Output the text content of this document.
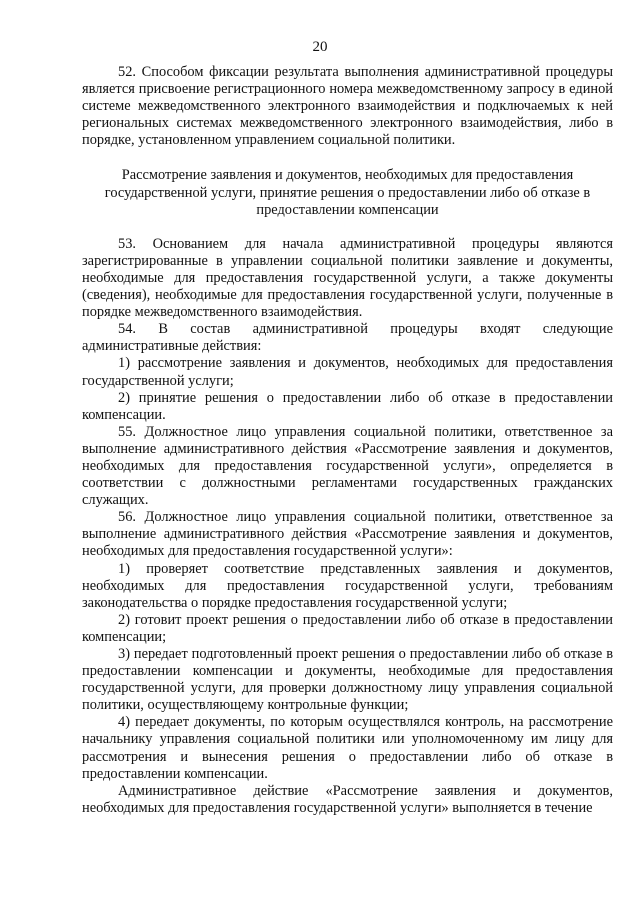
20

52. Способом фиксации результата выполнения административной процедуры является присвоение регистрационного номера межведомственному запросу в единой системе межведомственного электронного взаимодействия и подключаемых к ней региональных системах межведомственного электронного взаимодействия, либо в порядке, установленном управлением социальной политики.

Рассмотрение заявления и документов, необходимых для предоставления государственной услуги, принятие решения о предоставлении либо об отказе в предоставлении компенсации

53. Основанием для начала административной процедуры являются зарегистрированные в управлении социальной политики заявление и документы, необходимые для предоставления государственной услуги, а также документы (сведения), необходимые для предоставления государственной услуги, полученные в порядке межведомственного взаимодействия.

54. В состав административной процедуры входят следующие административные действия:

1) рассмотрение заявления и документов, необходимых для предоставления государственной услуги;

2) принятие решения о предоставлении либо об отказе в предоставлении компенсации.

55. Должностное лицо управления социальной политики, ответственное за выполнение административного действия «Рассмотрение заявления и документов, необходимых для предоставления государственной услуги», определяется в соответствии с должностными регламентами государственных гражданских служащих.

56. Должностное лицо управления социальной политики, ответственное за выполнение административного действия «Рассмотрение заявления и документов, необходимых для предоставления государственной услуги»:

1) проверяет соответствие представленных заявления и документов, необходимых для предоставления государственной услуги, требованиям законодательства о порядке предоставления государственной услуги;

2) готовит проект решения о предоставлении либо об отказе в предоставлении компенсации;

3) передает подготовленный проект решения о предоставлении либо об отказе в предоставлении компенсации и документы, необходимые для предоставления государственной услуги, для проверки должностному лицу управления социальной политики, осуществляющему контрольные функции;

4) передает документы, по которым осуществлялся контроль, на рассмотрение начальнику управления социальной политики или уполномоченному им лицу для рассмотрения и вынесения решения о предоставлении либо об отказе в предоставлении компенсации.

Административное действие «Рассмотрение заявления и документов, необходимых для предоставления государственной услуги» выполняется в течение
